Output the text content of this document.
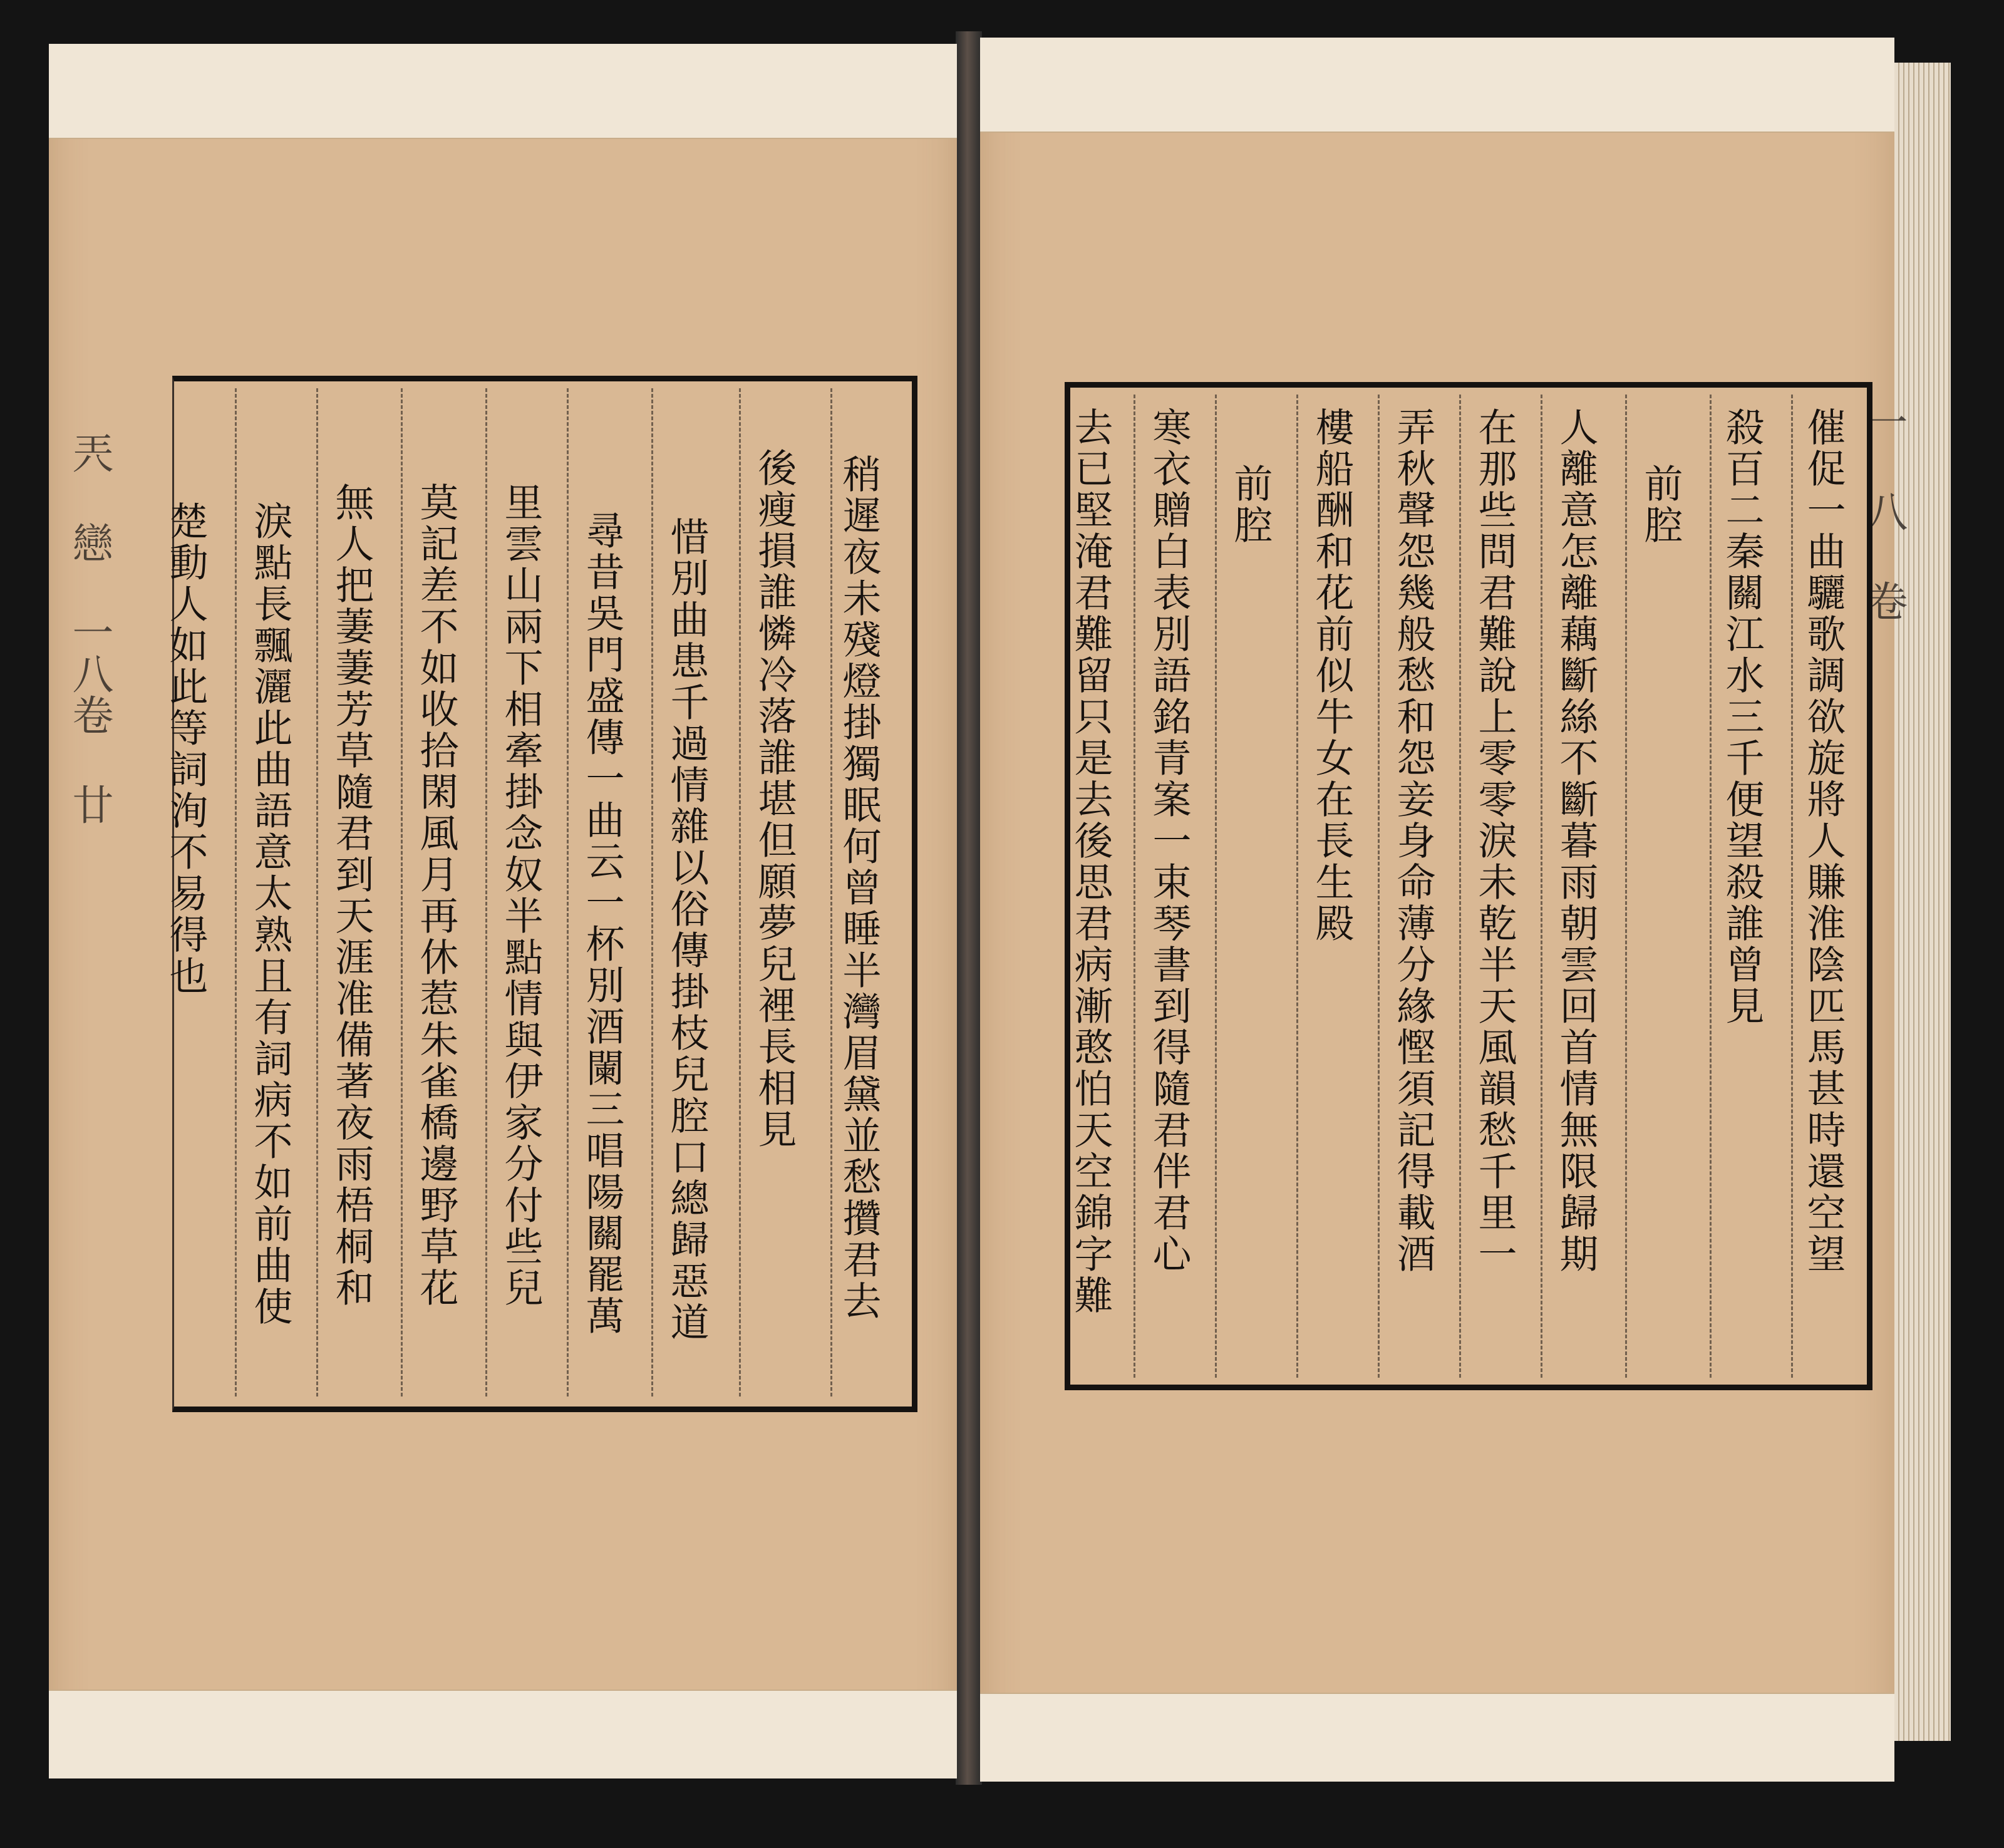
兲 戀 一八卷 廿	稍遲夜未殘燈掛獨眠何曾睡半灣眉黛並愁攢君去
後瘦損誰憐冷落誰堪但願夢兒裡長相見
惜別曲患千過情雜以俗傳掛枝兒腔口總歸惡道
尋昔吳門盛傳一曲云一杯別酒闌三唱陽關罷萬
里雲山兩下相牽掛念奴半點情與伊家分付些兒
莫記差不如收拾閑風月再休惹朱雀橋邊野草花
無人把萋萋芳草隨君到天涯准備著夜雨梧桐和
淚點長飄灑此曲語意太熟且有詞病不如前曲使
楚動人如此等詞洵不易得也	一 八 卷
催促一曲驪歌調欲旋將人賺淮陰匹馬甚時還空望
殺百二秦關江水三千便望殺誰曾見
前腔
人離意怎離藕斷絲不斷暮雨朝雲回首情無限歸期
在那些問君難說上零零淚未乾半天風韻愁千里一
弄秋聲怨幾般愁和怨妾身命薄分緣慳須記得載酒
樓船酬和花前似牛女在長生殿
前腔
寒衣贈白表別語銘青案一束琴書到得隨君伴君心
去已堅淹君難留只是去後思君病漸憨怕天空錦字難
